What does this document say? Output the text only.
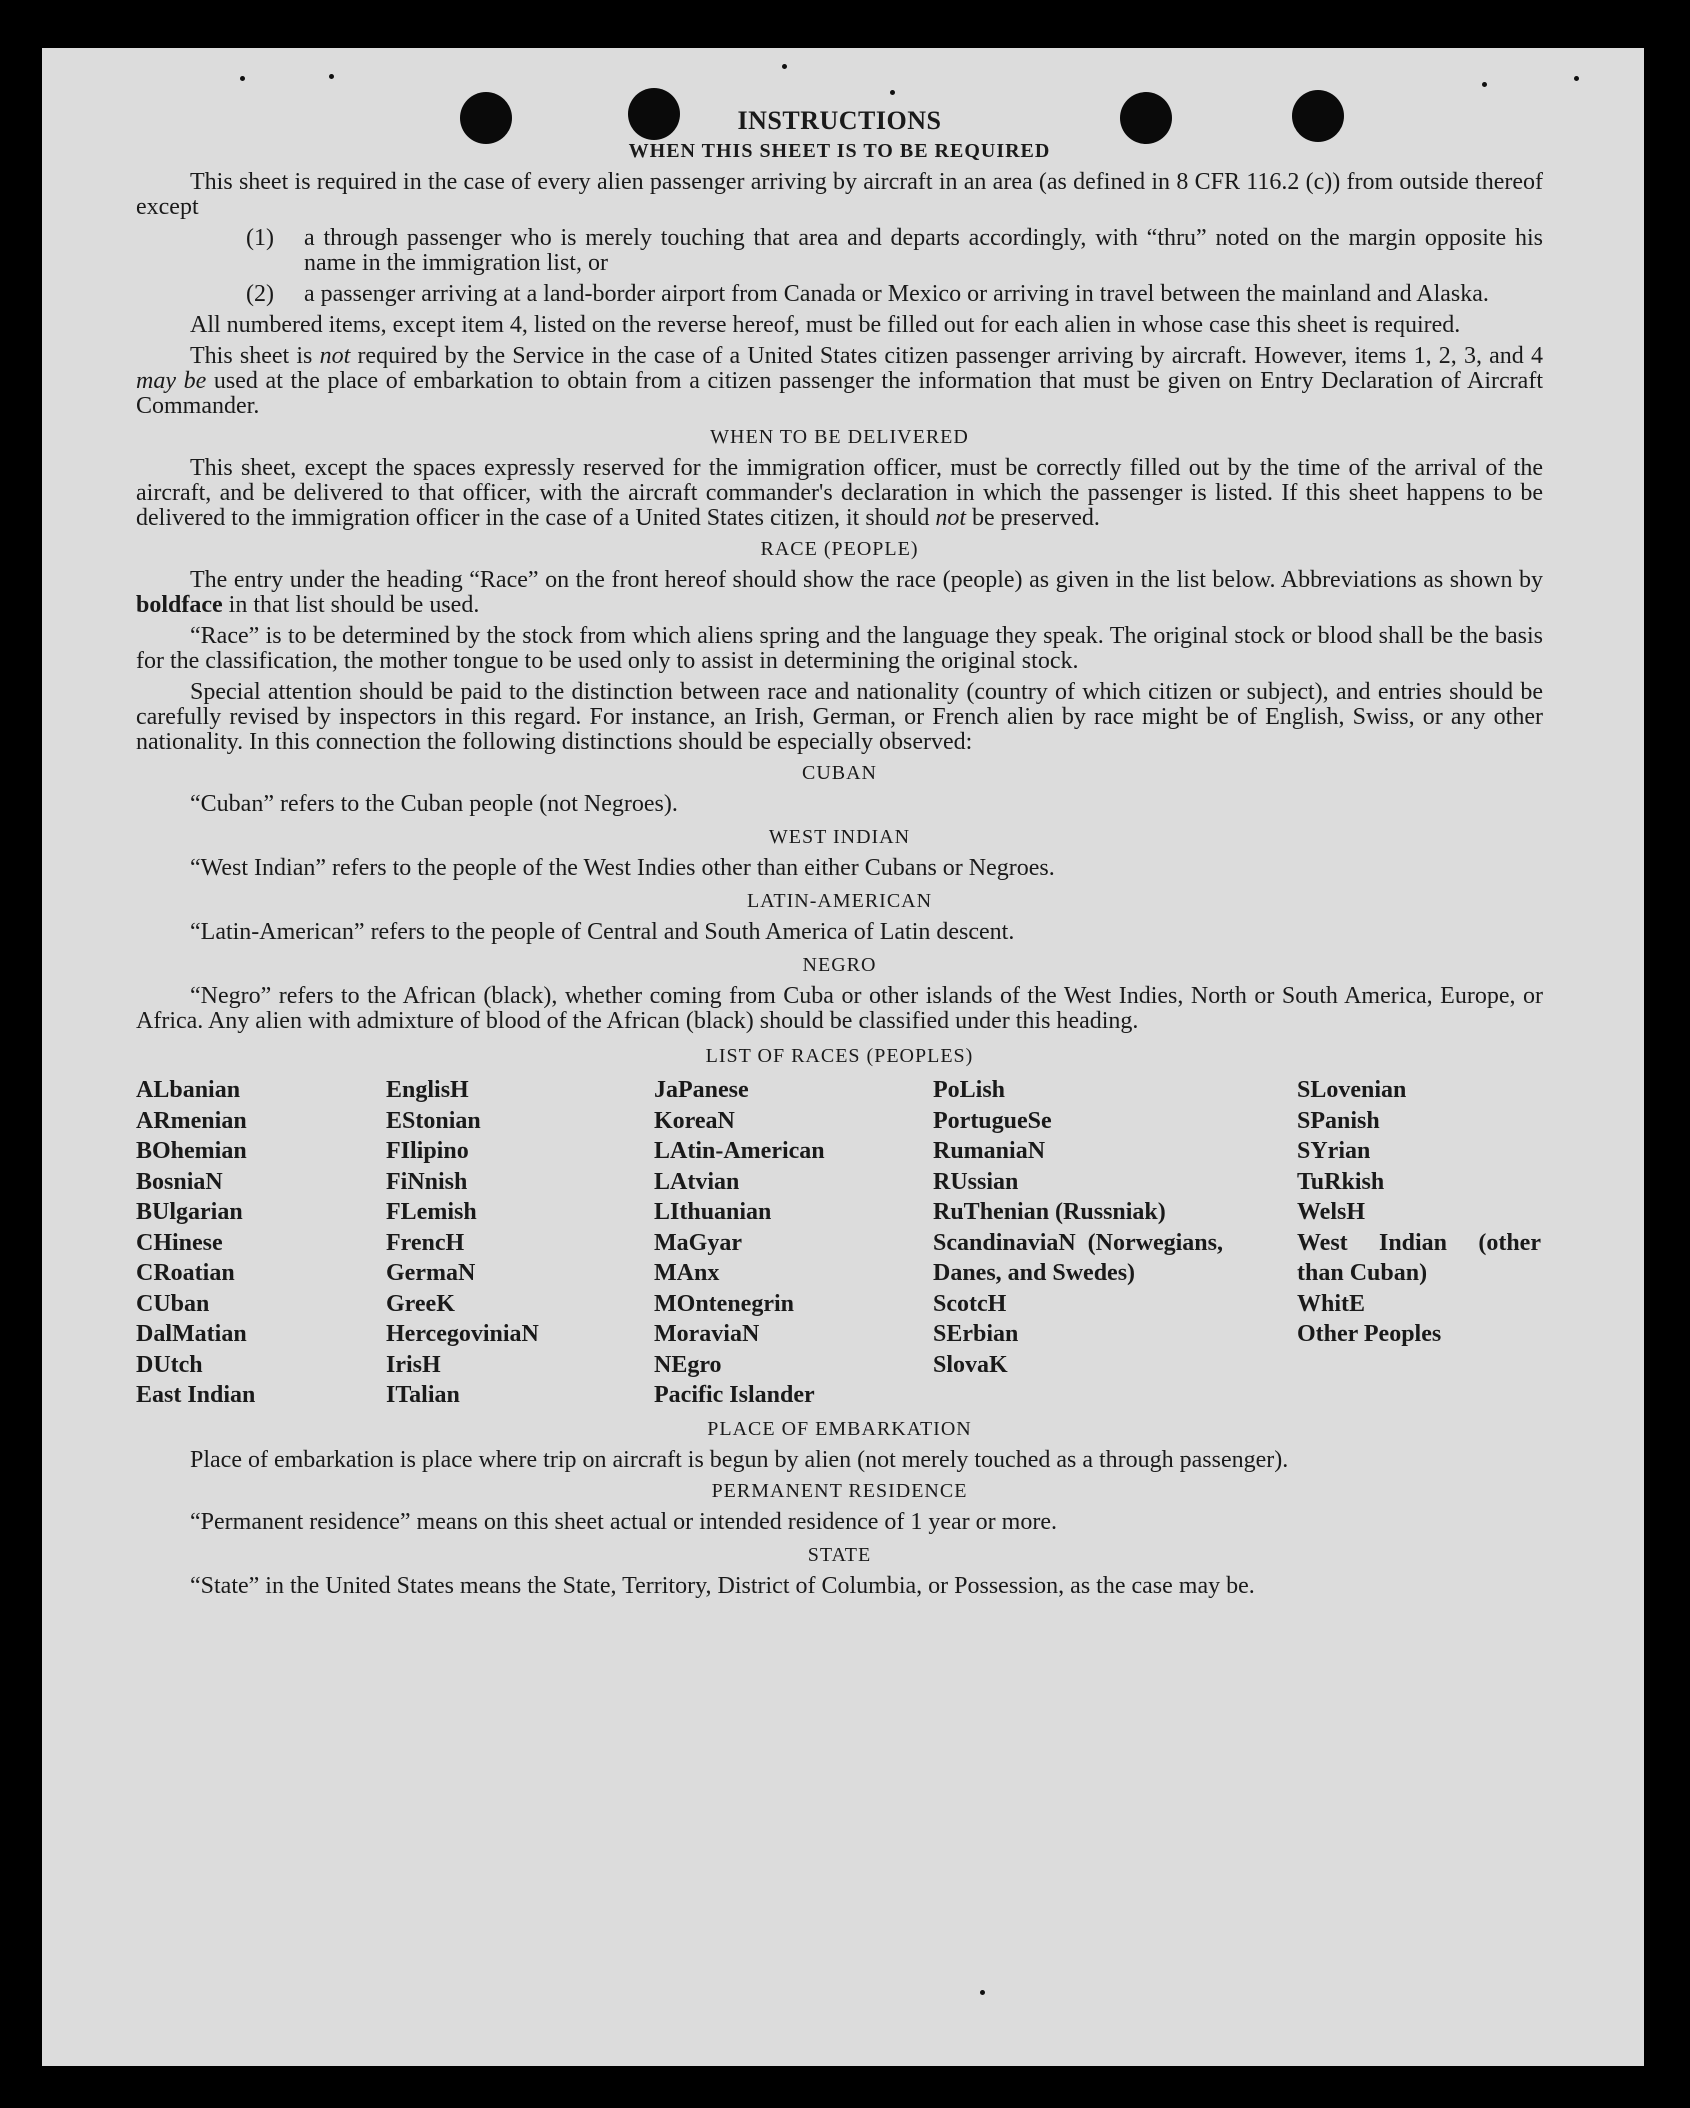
INSTRUCTIONS
WHEN THIS SHEET IS TO BE REQUIRED

This sheet is required in the case of every alien passenger arriving by aircraft in an area (as defined in 8 CFR 116.2 (c)) from outside thereof except

(1)	a through passenger who is merely touching that area and departs accordingly, with “thru” noted on the margin opposite his name in the immigration list, or
(2)	a passenger arriving at a land-border airport from Canada or Mexico or arriving in travel between the mainland and Alaska.

All numbered items, except item 4, listed on the reverse hereof, must be filled out for each alien in whose case this sheet is required.

This sheet is not required by the Service in the case of a United States citizen passenger arriving by aircraft. However, items 1, 2, 3, and 4 may be used at the place of embarkation to obtain from a citizen passenger the information that must be given on Entry Declaration of Aircraft Commander.

WHEN TO BE DELIVERED

This sheet, except the spaces expressly reserved for the immigration officer, must be correctly filled out by the time of the arrival of the aircraft, and be delivered to that officer, with the aircraft commander's declaration in which the passenger is listed. If this sheet happens to be delivered to the immigration officer in the case of a United States citizen, it should not be preserved.

RACE (PEOPLE)

The entry under the heading “Race” on the front hereof should show the race (people) as given in the list below. Abbreviations as shown by boldface in that list should be used.

“Race” is to be determined by the stock from which aliens spring and the language they speak. The original stock or blood shall be the basis for the classification, the mother tongue to be used only to assist in determining the original stock.

Special attention should be paid to the distinction between race and nationality (country of which citizen or subject), and entries should be carefully revised by inspectors in this regard. For instance, an Irish, German, or French alien by race might be of English, Swiss, or any other nationality. In this connection the following distinctions should be especially observed:

CUBAN

“Cuban” refers to the Cuban people (not Negroes).

WEST INDIAN

“West Indian” refers to the people of the West Indies other than either Cubans or Negroes.

LATIN-AMERICAN

“Latin-American” refers to the people of Central and South America of Latin descent.

NEGRO

“Negro” refers to the African (black), whether coming from Cuba or other islands of the West Indies, North or South America, Europe, or Africa. Any alien with admixture of blood of the African (black) should be classified under this heading.

LIST OF RACES (PEOPLES)
ALbanian
ARmenian
BOhemian
BosniaN
BUlgarian
CHinese
CRoatian
CUban
DalMatian
DUtch
East Indian
EnglisH
EStonian
FIlipino
FiNnish
FLemish
FrencH
GermaN
GreeK
HercegoviniaN
IrisH
ITalian
JaPanese
KoreaN
LAtin-American
LAtvian
LIthuanian
MaGyar
MAnx
MOntenegrin
MoraviaN
NEgro
Pacific Islander
PoLish
PortugueSe
RumaniaN
RUssian
RuThenian (Russniak)
ScandinaviaN (Norwegians, Danes, and Swedes)
ScotcH
SErbian
SlovaK
SLovenian
SPanish
SYrian
TuRkish
WelsH
West Indian (other than Cuban)
WhitE
Other Peoples
PLACE OF EMBARKATION

Place of embarkation is place where trip on aircraft is begun by alien (not merely touched as a through passenger).

PERMANENT RESIDENCE

“Permanent residence” means on this sheet actual or intended residence of 1 year or more.

STATE

“State” in the United States means the State, Territory, District of Columbia, or Possession, as the case may be.
